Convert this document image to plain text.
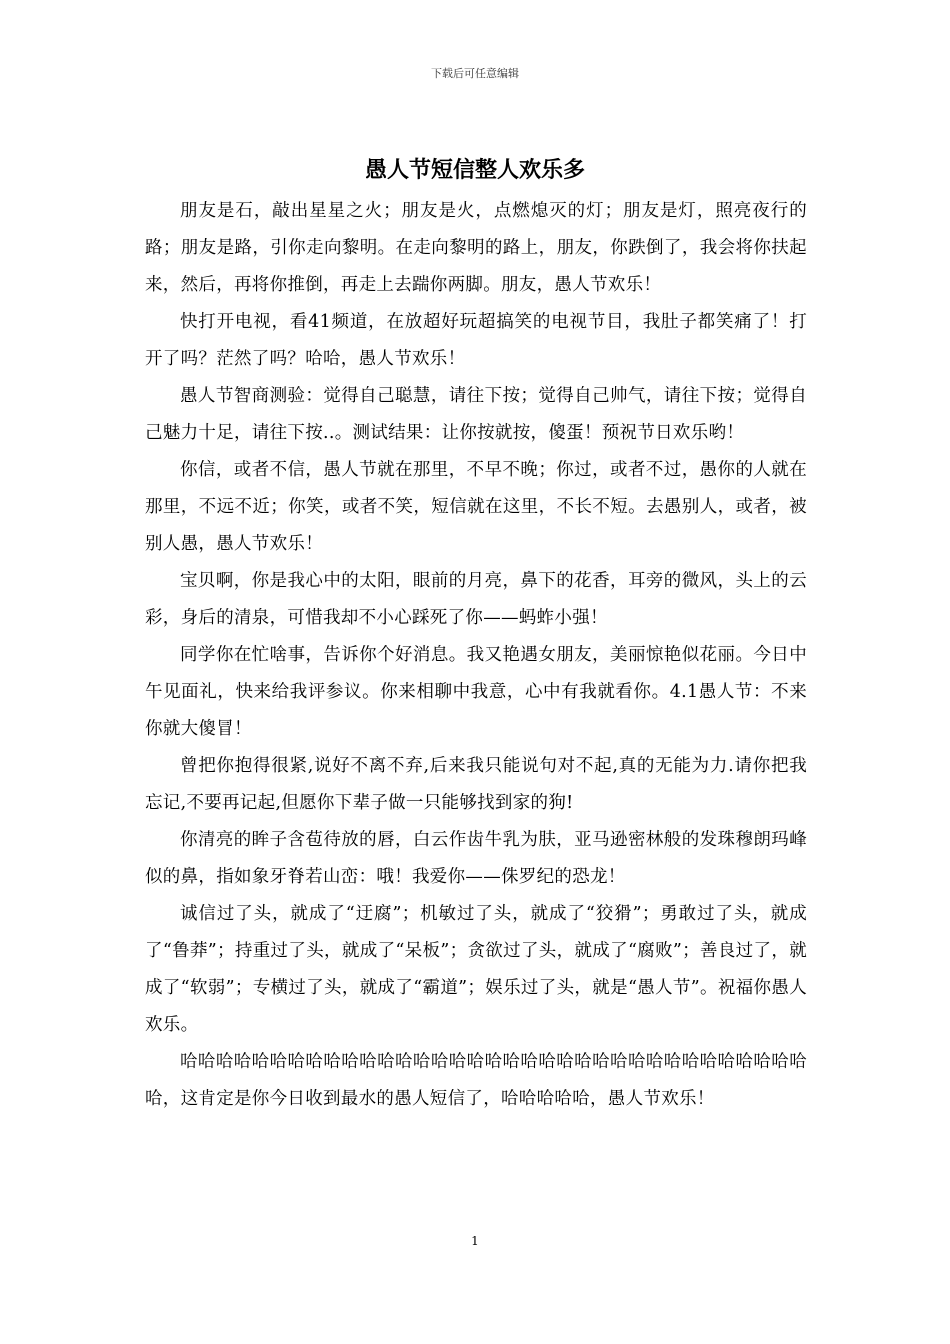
下载后可任意编辑
愚人节短信整人欢乐多

朋友是石，敲出星星之火；朋友是火，点燃熄灭的灯；朋友是灯，照亮夜行的路；朋友是路，引你走向黎明。在走向黎明的路上，朋友，你跌倒了，我会将你扶起来，然后，再将你推倒，再走上去踹你两脚。朋友，愚人节欢乐！

快打开电视，看41频道，在放超好玩超搞笑的电视节目，我肚子都笑痛了！打开了吗？茫然了吗？哈哈，愚人节欢乐！

愚人节智商测验：觉得自己聪慧，请往下按；觉得自己帅气，请往下按；觉得自己魅力十足，请往下按..。测试结果：让你按就按，傻蛋！预祝节日欢乐哟！

你信，或者不信，愚人节就在那里，不早不晚；你过，或者不过，愚你的人就在那里，不远不近；你笑，或者不笑，短信就在这里，不长不短。去愚别人，或者，被别人愚，愚人节欢乐！

宝贝啊，你是我心中的太阳，眼前的月亮，鼻下的花香，耳旁的微风，头上的云彩，身后的清泉，可惜我却不小心踩死了你——蚂蚱小强！

同学你在忙啥事，告诉你个好消息。我又艳遇女朋友，美丽惊艳似花丽。今日中午见面礼，快来给我评参议。你来相聊中我意，心中有我就看你。4.1愚人节：不来你就大傻冒！

曾把你抱得很紧,说好不离不弃,后来我只能说句对不起,真的无能为力.请你把我忘记,不要再记起,但愿你下辈子做一只能够找到家的狗!

你清亮的眸子含苞待放的唇，白云作齿牛乳为肤，亚马逊密林般的发珠穆朗玛峰似的鼻，指如象牙脊若山峦：哦！我爱你——侏罗纪的恐龙！

诚信过了头，就成了“迂腐”；机敏过了头，就成了“狡猾”；勇敢过了头，就成了“鲁莽”；持重过了头，就成了“呆板”；贪欲过了头，就成了“腐败”；善良过了，就成了“软弱”；专横过了头，就成了“霸道”；娱乐过了头，就是“愚人节”。祝福你愚人欢乐。

哈哈哈哈哈哈哈哈哈哈哈哈哈哈哈哈哈哈哈哈哈哈哈哈哈哈哈哈哈哈哈哈哈哈哈哈，这肯定是你今日收到最水的愚人短信了，哈哈哈哈哈，愚人节欢乐！

1
